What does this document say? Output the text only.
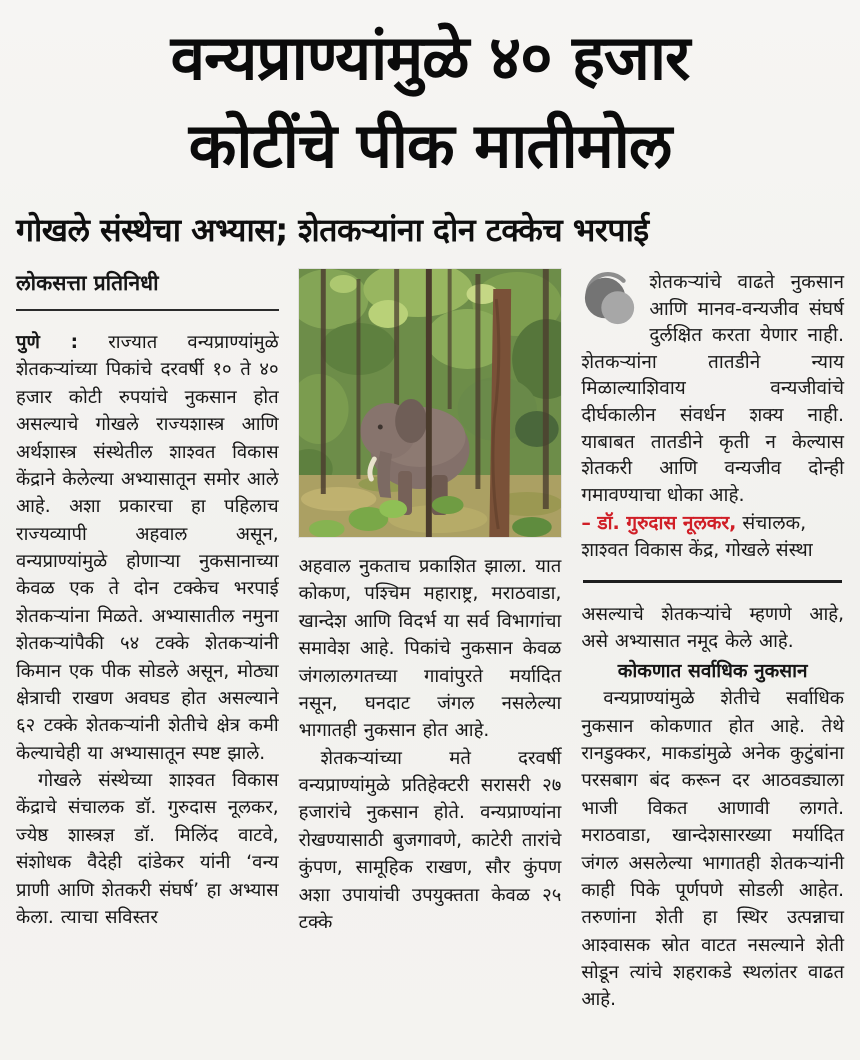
वन्यप्राण्यांमुळे ४० हजार
कोटींचे पीक मातीमोल
गोखले संस्थेचा अभ्यास; शेतकऱ्यांना दोन टक्केच भरपाई
लोकसत्ता प्रतिनिधी

पुणे : राज्यात वन्यप्राण्यांमुळे शेतकऱ्यांच्या पिकांचे दरवर्षी १० ते ४० हजार कोटी रुपयांचे नुकसान होत असल्याचे गोखले राज्यशास्त्र आणि अर्थशास्त्र संस्थेतील शाश्वत विकास केंद्राने केलेल्या अभ्यासातून समोर आले आहे. अशा प्रकारचा हा पहिलाच राज्यव्यापी अहवाल असून, वन्यप्राण्यांमुळे होणाऱ्या नुकसानाच्या केवळ एक ते दोन टक्केच भरपाई शेतकऱ्यांना मिळते. अभ्यासातील नमुना शेतकऱ्यांपैकी ५४ टक्के शेतकऱ्यांनी किमान एक पीक सोडले असून, मोठ्या क्षेत्राची राखण अवघड होत असल्याने ६२ टक्के शेतकऱ्यांनी शेतीचे क्षेत्र कमी केल्याचेही या अभ्यासातून स्पष्ट झाले.

गोखले संस्थेच्या शाश्वत विकास केंद्राचे संचालक डॉ. गुरुदास नूलकर, ज्येष्ठ शास्त्रज्ञ डॉ. मिलिंद वाटवे, संशोधक वैदेही दांडेकर यांनी ‘वन्य प्राणी आणि शेतकरी संघर्ष’ हा अभ्यास केला. त्याचा सविस्तर

अहवाल नुकताच प्रकाशित झाला. यात कोकण, पश्चिम महाराष्ट्र, मराठवाडा, खान्देश आणि विदर्भ या सर्व विभागांचा समावेश आहे. पिकांचे नुकसान केवळ जंगलालगतच्या गावांपुरते मर्यादित नसून, घनदाट जंगल नसलेल्या भागातही नुकसान होत आहे.

शेतकऱ्यांच्या मते दरवर्षी वन्यप्राण्यांमुळे प्रतिहेक्टरी सरासरी २७ हजारांचे नुकसान होते. वन्यप्राण्यांना रोखण्यासाठी बुजगावणे, काटेरी तारांचे कुंपण, सामूहिक राखण, सौर कुंपण अशा उपायांची उपयुक्तता केवळ २५ टक्के

शेतकऱ्यांचे वाढते नुकसान आणि मानव-वन्यजीव संघर्ष दुर्लक्षित करता येणार नाही. शेतकऱ्यांना तातडीने न्याय मिळाल्याशिवाय वन्यजीवांचे दीर्घकालीन संवर्धन शक्य नाही. याबाबत तातडीने कृती न केल्यास शेतकरी आणि वन्यजीव दोन्ही गमावण्याचा धोका आहे.

– डॉ. गुरुदास नूलकर, संचालक, शाश्वत विकास केंद्र, गोखले संस्था

असल्याचे शेतकऱ्यांचे म्हणणे आहे, असे अभ्यासात नमूद केले आहे.

कोकणात सर्वाधिक नुकसान

वन्यप्राण्यांमुळे शेतीचे सर्वाधिक नुकसान कोकणात होत आहे. तेथे रानडुक्कर, माकडांमुळे अनेक कुटुंबांना परसबाग बंद करून दर आठवड्याला भाजी विकत आणावी लागते. मराठवाडा, खान्देशसारख्या मर्यादित जंगल असलेल्या भागातही शेतकऱ्यांनी काही पिके पूर्णपणे सोडली आहेत. तरुणांना शेती हा स्थिर उत्पन्नाचा आश्वासक स्रोत वाटत नसल्याने शेती सोडून त्यांचे शहराकडे स्थलांतर वाढत आहे.
